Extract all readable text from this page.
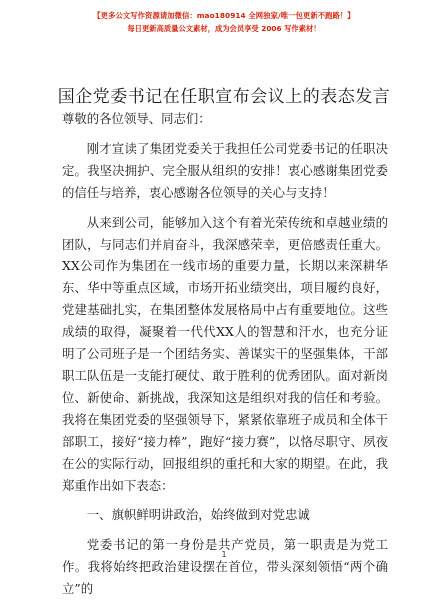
【更多公文写作资源请加微信：mao180914 全网独家/唯一包更新不跑路！】
每日更新高质量公文素材，成为会员享受 2006 写作素材！
国企党委书记在任职宣布会议上的表态发言

尊敬的各位领导、同志们：

刚才宣读了集团党委关于我担任公司党委书记的任职决定。我坚决拥护、完全服从组织的安排！衷心感谢集团党委的信任与培养，衷心感谢各位领导的关心与支持！

从来到公司，能够加入这个有着光荣传统和卓越业绩的团队，与同志们并肩奋斗，我深感荣幸，更倍感责任重大。XX公司作为集团在一线市场的重要力量，长期以来深耕华东、华中等重点区域，市场开拓业绩突出，项目履约良好，党建基础扎实，在集团整体发展格局中占有重要地位。这些成绩的取得，凝聚着一代代XX人的智慧和汗水，也充分证明了公司班子是一个团结务实、善谋实干的坚强集体，干部职工队伍是一支能打硬仗、敢于胜利的优秀团队。面对新岗位、新使命、新挑战，我深知这是组织对我的信任和考验。我将在集团党委的坚强领导下，紧紧依靠班子成员和全体干部职工，接好“接力棒”，跑好“接力赛”，以恪尽职守、夙夜在公的实际行动，回报组织的重托和大家的期望。在此，我郑重作出如下表态：

一、旗帜鲜明讲政治，始终做到对党忠诚

党委书记的第一身份是共产党员，第一职责是为党工作。我将始终把政治建设摆在首位，带头深刻领悟“两个确立”的

1
